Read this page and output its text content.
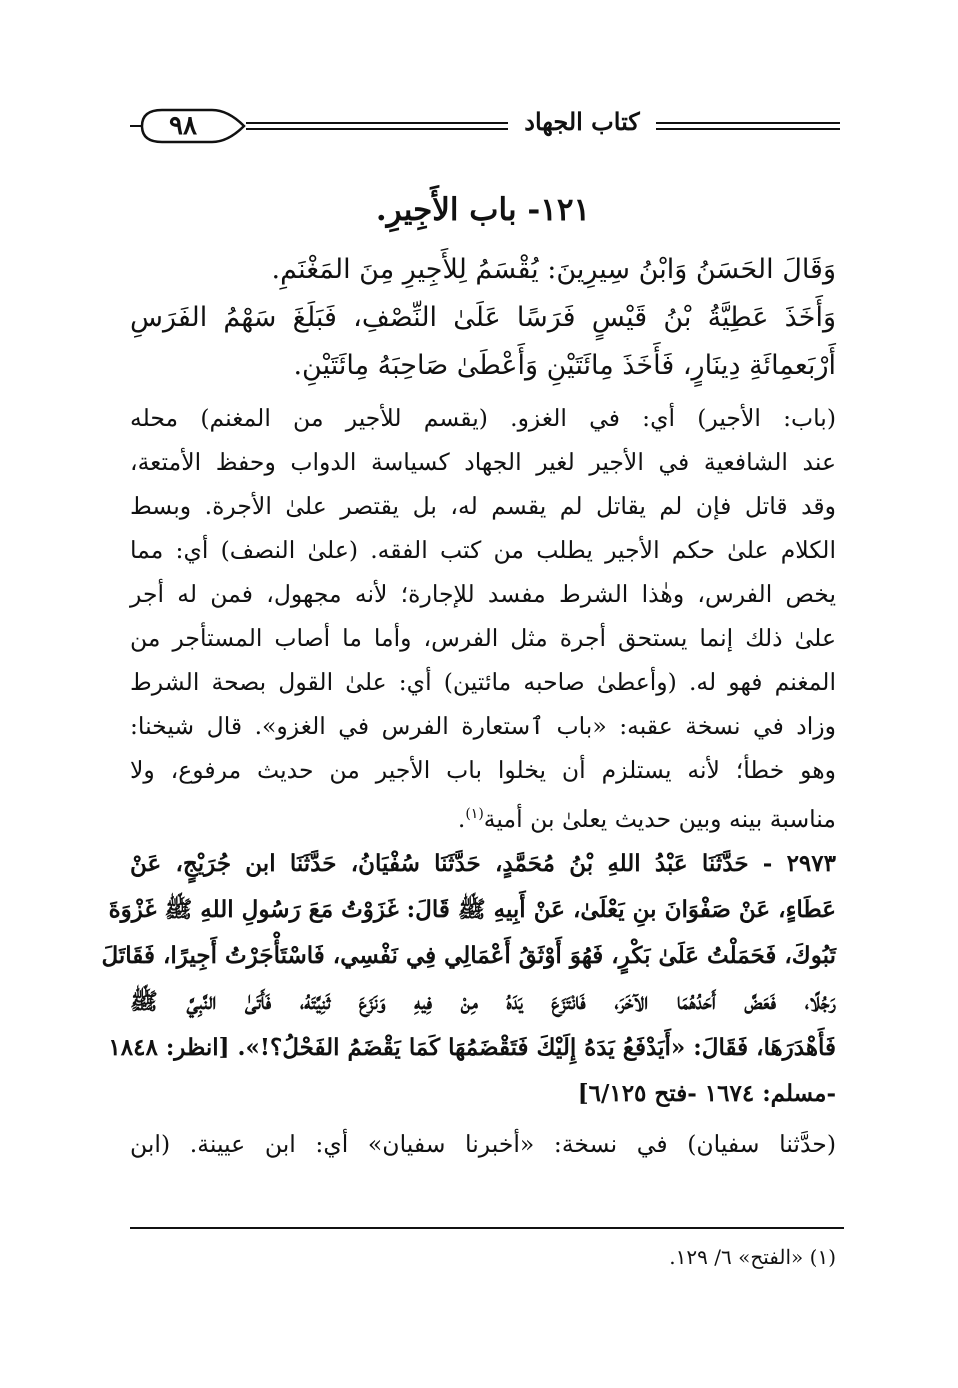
٩٨	كتاب الجهاد
١٢١- باب الأَجِيرِ.
وَقَالَ الحَسَنُ وَابْنُ سِيرِينَ: يُقْسَمُ لِلأَجِيرِ مِنَ المَغْنَمِ.
وَأَخَذَ عَطِيَّةُ بْنُ قَيْسٍ فَرَسًا عَلَىٰ النِّصْفِ، فَبَلَغَ سَهْمُ الفَرَسِ
أَرْبَعمِائَةِ دِينَارٍ، فَأَخَذَ مِائَتَيْنِ وَأَعْطَىٰ صَاحِبَهُ مِائَتَيْنِ.
(باب: الأجير) أي: في الغزو. (يقسم للأجير من المغنم) محله
عند الشافعية في الأجير لغير الجهاد كسياسة الدواب وحفظ الأمتعة،
وقد قاتل فإن لم يقاتل لم يقسم له، بل يقتصر علىٰ الأجرة. وبسط
الكلام علىٰ حكم الأجير يطلب من كتب الفقه. (علىٰ النصف) أي: مما
يخص الفرس، وهٰذا الشرط مفسد للإجارة؛ لأنه مجهول، فمن له أجر
علىٰ ذلك إنما يستحق أجرة مثل الفرس، وأما ما أصاب المستأجر من
المغنم فهو له. (وأعطىٰ صاحبه مائتين) أي: علىٰ القول بصحة الشرط
وزاد في نسخة عقبه: «باب ٱستعارة الفرس في الغزو». قال شيخنا:
وهو خطأ؛ لأنه يستلزم أن يخلوا باب الأجير من حديث مرفوع، ولا
مناسبة بينه وبين حديث يعلىٰ بن أمية$^{(١)}$.
٢٩٧٣ - حَدَّثَنَا عَبْدُ اللهِ بْنُ مُحَمَّدٍ، حَدَّثَنَا سُفْيَانُ، حَدَّثَنَا ابن جُرَيْجٍ، عَنْ
عَطَاءٍ، عَنْ صَفْوَانَ بنِ يَعْلَىٰ، عَنْ أَبِيهِ ﷺ قَالَ: غَزَوْتُ مَعَ رَسُولِ اللهِ ﷺ غَزْوَةَ
تَبُوكَ، فَحَمَلْتُ عَلَىٰ بَكْرٍ، فَهُوَ أَوْثَقُ أَعْمَالِي فِي نَفْسِي، فَاسْتَأْجَرْتُ أَجِيرًا، فَقَاتَلَ
رَجُلًا، فَعَضَّ أَحَدُهُمَا الآخَرَ، فَانْتَزَعَ يَدَهُ مِنْ فِيهِ وَنَزَعَ ثَنِيَّتَهُ، فَأَتَىٰ النَّبِيَّ ﷺ
فَأَهْدَرَهَا، فَقَالَ: «أَيَدْفَعُ يَدَهُ إِلَيْكَ فَتَقْضَمُهَا كَمَا يَقْضَمُ الفَحْلُ؟!». [انظر: ١٨٤٨
-مسلم: ١٦٧٤ -فتح ٦/١٢٥]
(حدَّثنا سفيان) في نسخة: «أخبرنا سفيان» أي: ابن عيينة. (ابن
(١) «الفتح» ٦/ ١٢٩.
